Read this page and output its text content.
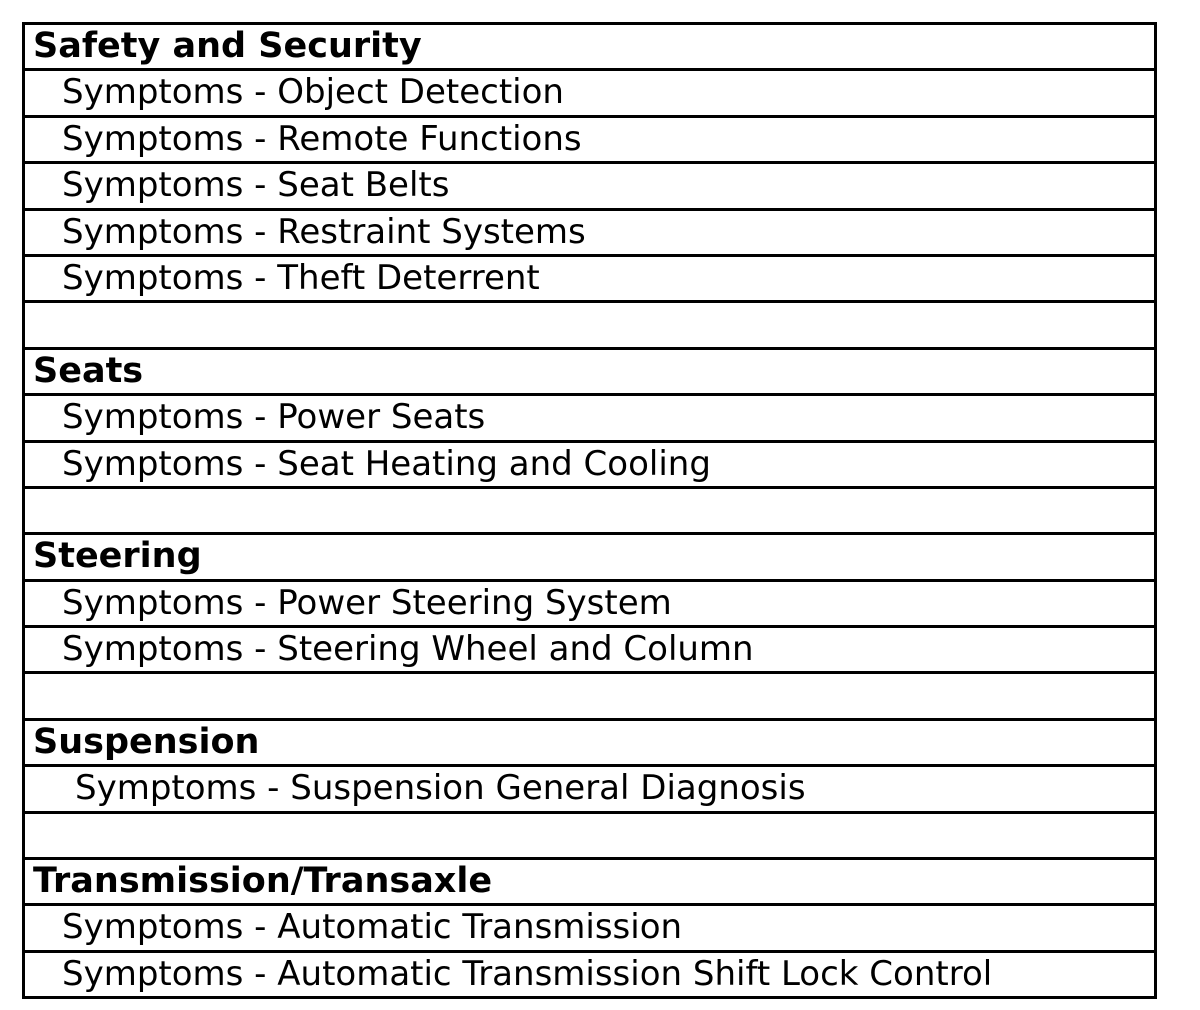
Safety and Security
Symptoms - Object Detection
Symptoms - Remote Functions
Symptoms - Seat Belts
Symptoms - Restraint Systems
Symptoms - Theft Deterrent
Seats
Symptoms - Power Seats
Symptoms - Seat Heating and Cooling
Steering
Symptoms - Power Steering System
Symptoms - Steering Wheel and Column
Suspension
Symptoms - Suspension General Diagnosis
Transmission/Transaxle
Symptoms - Automatic Transmission
Symptoms - Automatic Transmission Shift Lock Control
